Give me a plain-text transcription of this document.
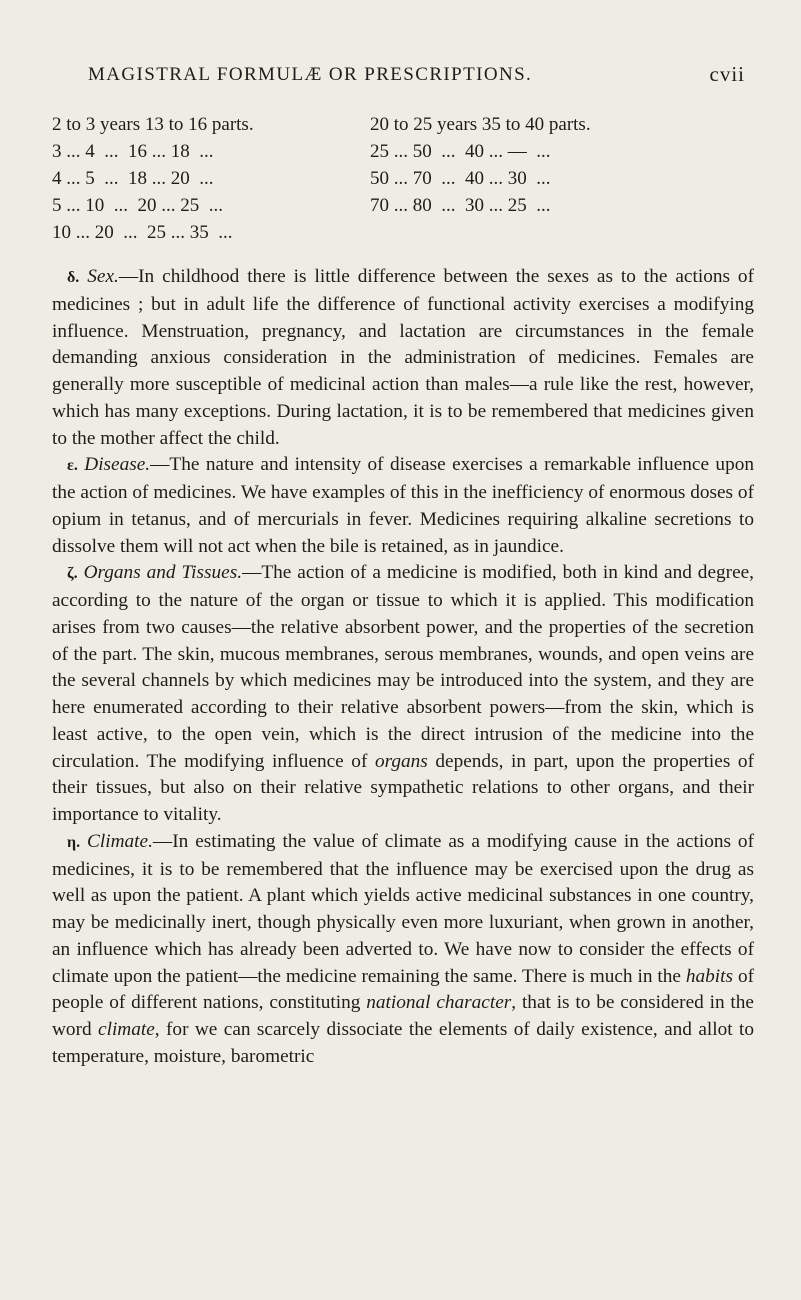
MAGISTRAL FORMULÆ OR PRESCRIPTIONS.	cvii
2 to 3 years 13 to 16 parts.	20 to 25 years 35 to 40 parts.
3 ... 4  ...  16 ... 18  ...	25 ... 50  ...  40 ... —  ...
4 ... 5  ...  18 ... 20  ...	50 ... 70  ...  40 ... 30  ...
5 ... 10  ...  20 ... 25  ...	70 ... 80  ...  30 ... 25  ...
10 ... 20  ...  25 ... 35  ...	

δ. Sex.—In childhood there is little difference between the sexes as to the actions of medicines ; but in adult life the difference of functional activity exercises a modifying influence. Menstruation, pregnancy, and lactation are circumstances in the female demanding anxious consideration in the administration of medicines. Females are generally more susceptible of medicinal action than males—a rule like the rest, however, which has many exceptions. During lactation, it is to be remembered that medicines given to the mother affect the child.

ε. Disease.—The nature and intensity of disease exercises a remarkable influence upon the action of medicines. We have examples of this in the inefficiency of enormous doses of opium in tetanus, and of mercurials in fever. Medicines requiring alkaline secretions to dissolve them will not act when the bile is retained, as in jaundice.

ζ. Organs and Tissues.—The action of a medicine is modified, both in kind and degree, according to the nature of the organ or tissue to which it is applied. This modification arises from two causes—the relative absorbent power, and the properties of the secretion of the part. The skin, mucous membranes, serous membranes, wounds, and open veins are the several channels by which medicines may be introduced into the system, and they are here enumerated according to their relative absorbent powers—from the skin, which is least active, to the open vein, which is the direct intrusion of the medicine into the circulation. The modifying influence of organs depends, in part, upon the properties of their tissues, but also on their relative sympathetic relations to other organs, and their importance to vitality.

η. Climate.—In estimating the value of climate as a modifying cause in the actions of medicines, it is to be remembered that the influence may be exercised upon the drug as well as upon the patient. A plant which yields active medicinal substances in one country, may be medicinally inert, though physically even more luxuriant, when grown in another, an influence which has already been adverted to. We have now to consider the effects of climate upon the patient—the medicine remaining the same. There is much in the habits of people of different nations, constituting national character, that is to be considered in the word climate, for we can scarcely dissociate the elements of daily existence, and allot to temperature, moisture, barometric
